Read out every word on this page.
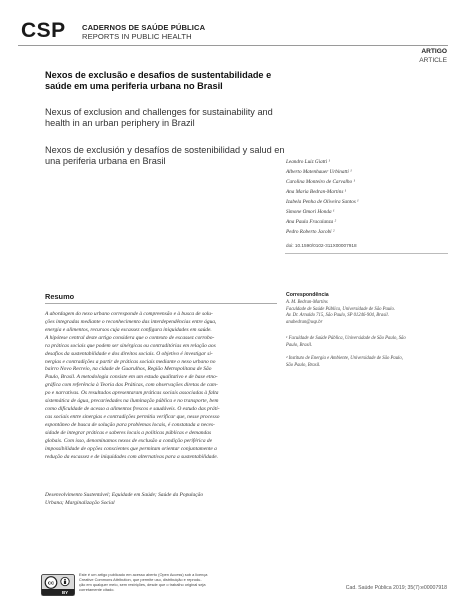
CSP CADERNOS DE SAÚDE PÚBLICA
REPORTS IN PUBLIC HEALTH
ARTIGO
ARTICLE
Nexos de exclusão e desafios de sustentabilidade e saúde em uma periferia urbana no Brasil
Nexus of exclusion and challenges for sustainability and health in an urban periphery in Brazil
Nexos de exclusión y desafíos de sostenibilidad y salud en una periferia urbana en Brasil	Leandro Luiz Giatti ¹
Alberto Matenhauer Urbinatti ¹
Carolina Monteiro de Carvalho ¹
Ana Maria Bedran-Martins ¹
Izabela Penha de Oliveira Santos ¹
Simone Omori Honda ¹
Ana Paula Fracalanza ²
Pedro Roberto Jacobi ²
doi: 10.1590/0102-311X00007918
Resumo
A abordagem do nexo urbano corresponde à compreensão e à busca de solu-
ções integradas mediante o reconhecimento das interdependências entre água,
energia e alimentos, recursos cuja escassez configura iniquidades em saúde.
A hipótese central deste artigo considera que o contexto de escassez corrobo-
ra práticas sociais que podem ser sinérgicas ou contraditórias em relação aos
desafios da sustentabilidade e dos direitos sociais. O objetivo é investigar si-
nergias e contradições a partir de práticas sociais mediante o nexo urbano no
bairro Novo Recreio, na cidade de Guarulhos, Região Metropolitana de São
Paulo, Brasil. A metodologia consiste em um estudo qualitativo e de base etno-
gráfica com referência à Teoria das Práticas, com observações diretas de cam-
po e narrativas. Os resultados apresentaram práticas sociais associadas à falta
sistemática de água, precariedades na iluminação pública e no transporte, bem
como dificuldade de acesso a alimentos frescos e saudáveis. O estudo das práti-
cas sociais entre sinergias e contradições permitiu verificar que, nesse processo
espontâneo de busca de solução para problemas locais, é constatada a neces-
sidade de integrar práticas e saberes locais a políticas públicas e demandas
globais. Com isso, denominamos nexos de exclusão a condição periférica de
impossibilidade de opções conscientes que permitam orientar conjuntamente a
redução da escassez e de iniquidades com alternativas para a sustentabilidade.
Desenvolvimento Sustentável; Equidade em Saúde; Saúde da População
Urbana; Marginalização Social
Correspondência
A. M. Bedran-Martins
Faculdade de Saúde Pública, Universidade de São Paulo.
Av. Dr. Arnaldo 715, São Paulo, SP 01246-904, Brasil.
anabedran@usp.br
¹ Faculdade de Saúde Pública, Universidade de São Paulo, São
Paulo, Brasil.
² Instituto de Energia e Ambiente, Universidade de São Paulo,
São Paulo, Brasil.
cc
BY
Este é um artigo publicado em acesso aberto (Open Access) sob a licença
Creative Commons Attribution, que permite uso, distribuição e reprodu-
ção em qualquer meio, sem restrições, desde que o trabalho original seja
corretamente citado.	Cad. Saúde Pública 2019; 35(7):e00007918
